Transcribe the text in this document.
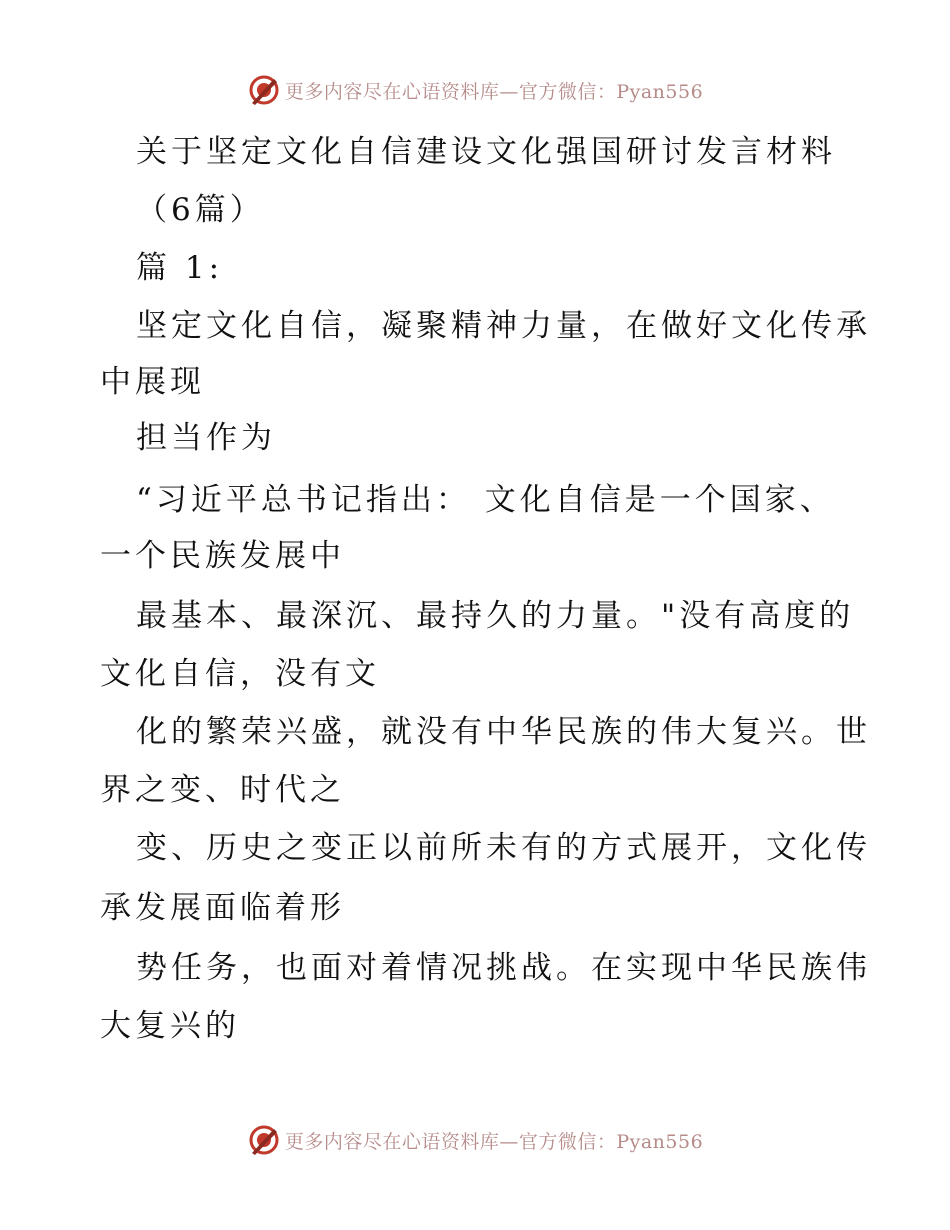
更多内容尽在心语资料库—官方微信：Pyan556
关于坚定文化自信建设文化强国研讨发言材料
（6篇）
篇 1:
坚定文化自信，凝聚精神力量，在做好文化传承
中展现
担当作为
“习近平总书记指出： 文化自信是一个国家、
一个民族发展中
最基本、最深沉、最持久的力量。"没有高度的
文化自信，没有文
化的繁荣兴盛，就没有中华民族的伟大复兴。世
界之变、时代之
变、历史之变正以前所未有的方式展开，文化传
承发展面临着形
势任务，也面对着情况挑战。在实现中华民族伟
大复兴的
更多内容尽在心语资料库—官方微信：Pyan556
